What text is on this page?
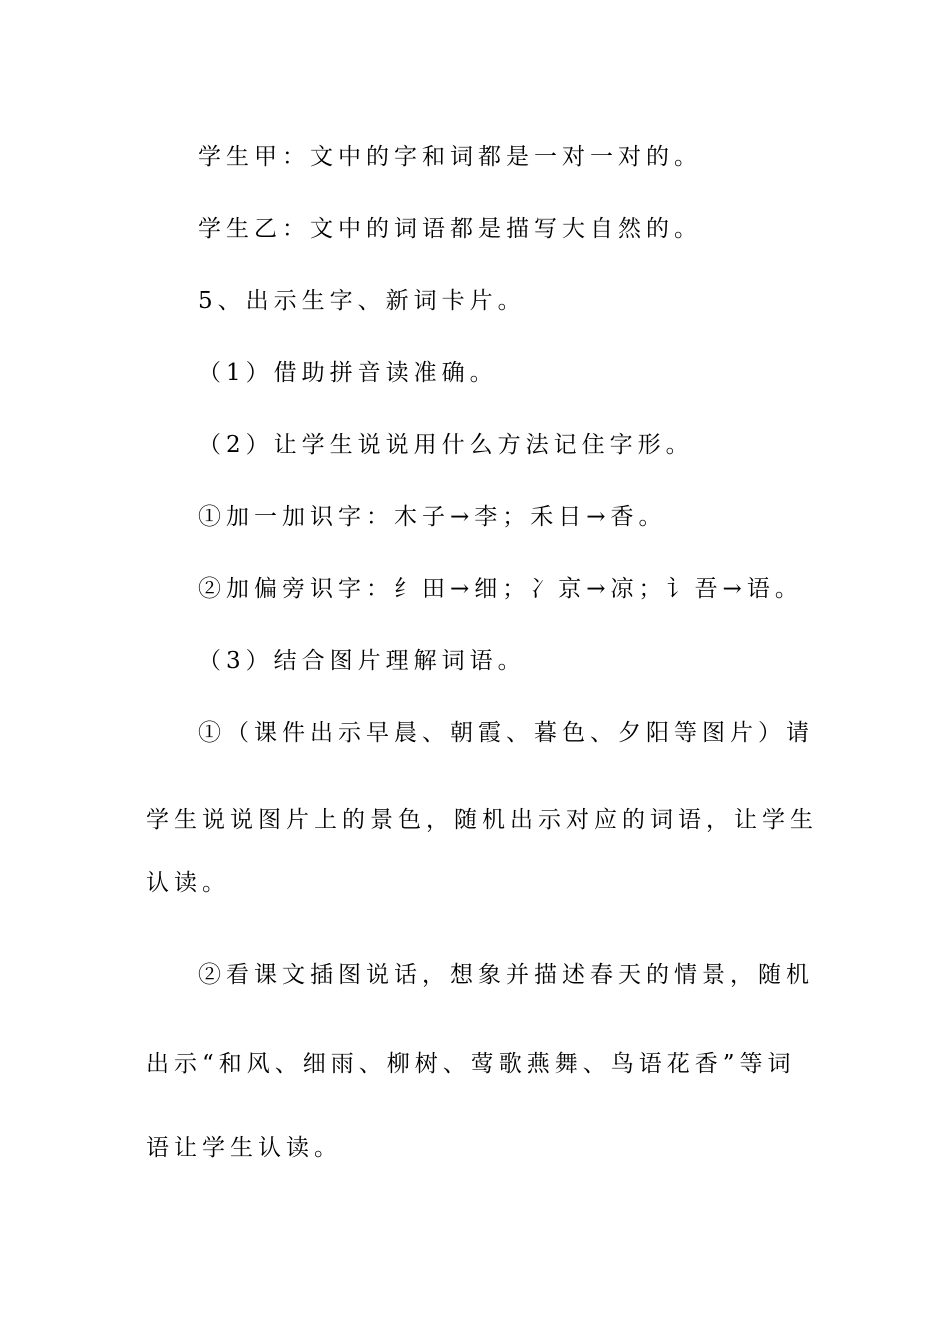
学生甲：文中的字和词都是一对一对的。
学生乙：文中的词语都是描写大自然的。
5、出示生字、新词卡片。
（1）借助拼音读准确。
（2）让学生说说用什么方法记住字形。
①加一加识字：木子→李；禾日→香。
②加偏旁识字：纟田→细；冫京→凉；讠吾→语。
（3）结合图片理解词语。
①（课件出示早晨、朝霞、暮色、夕阳等图片）请
学生说说图片上的景色，随机出示对应的词语，让学生
认读。
②看课文插图说话，想象并描述春天的情景，随机
出示“和风、细雨、柳树、莺歌燕舞、鸟语花香”等词
语让学生认读。
